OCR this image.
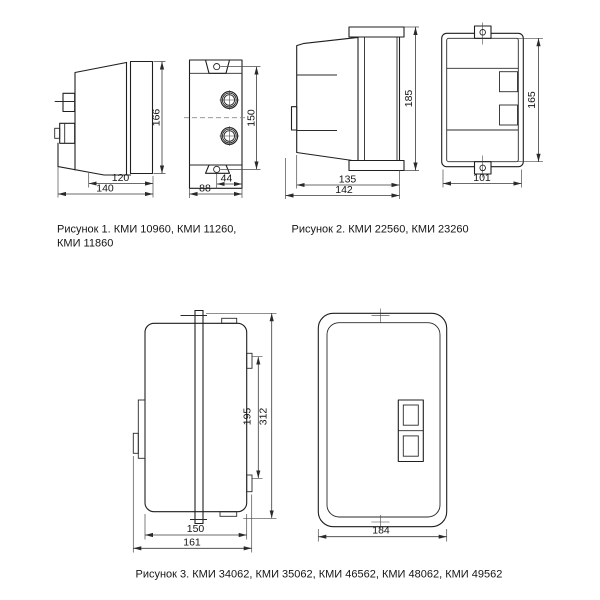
166
120
140
150
44
88
Рисунок 1. КМИ 10960, КМИ 11260,
КМИ 11860
185
135
142
165
101
Рисунок 2. КМИ 22560, КМИ 23260
195 312
150
161
184
Рисунок 3. КМИ 34062, КМИ 35062, КМИ 46562, КМИ 48062, КМИ 49562
